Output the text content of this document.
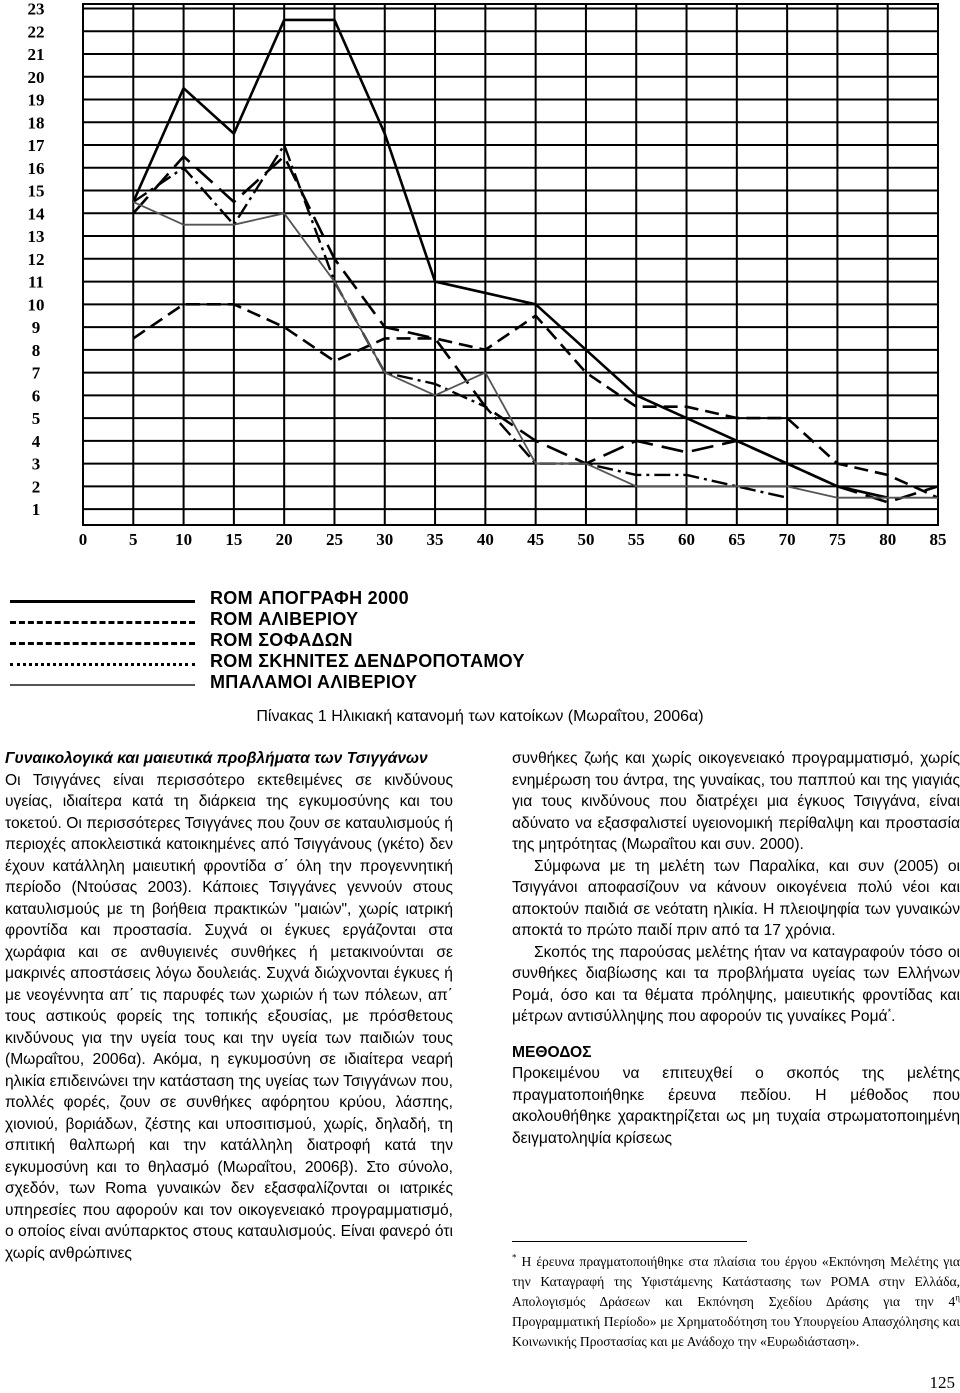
1
2
3
4
5
6
7
8
9
10
11
12
13
14
15
16
17
18
19
20
21
22
23
0 5 10 15 20 25 30 35 40 45 50 55 60 65 70 75 80 85
ROM ΑΠΟΓΡΑΦΗ 2000
ROM ΑΛΙΒΕΡΙΟΥ
ROM ΣΟΦΑΔΩΝ
ROM ΣΚΗΝΙΤΕΣ ΔΕΝΔΡΟΠΟΤΑΜΟΥ
ΜΠΑΛΑΜΟΙ ΑΛΙΒΕΡΙΟΥ
Πίνακας 1 Ηλικιακή κατανομή των κατοίκων (Μωραΐτου, 2006α)

Γυναικολογικά και μαιευτικά προβλήματα των Τσιγγάνων

Οι Τσιγγάνες είναι περισσότερο εκτεθειμένες σε κινδύνους υγείας, ιδιαίτερα κατά τη διάρκεια της εγκυμοσύνης και του τοκετού. Οι περισσότερες Τσιγγάνες που ζουν σε καταυλισμούς ή περιοχές αποκλειστικά κατοικημένες από Τσιγγάνους (γκέτο) δεν έχουν κατάλληλη μαιευτική φροντίδα σ΄ όλη την προγεννητική περίοδο (Ντούσας 2003). Κάποιες Τσιγγάνες γεννούν στους καταυλισμούς με τη βοήθεια πρακτικών "μαιών", χωρίς ιατρική φροντίδα και προστασία. Συχνά οι έγκυες εργάζονται στα χωράφια και σε ανθυγιεινές συνθήκες ή μετακινούνται σε μακρινές αποστάσεις λόγω δουλειάς. Συχνά διώχνονται έγκυες ή με νεογέννητα απ΄ τις παρυφές των χωριών ή των πόλεων, απ΄ τους αστικούς φορείς της τοπικής εξουσίας, με πρόσθετους κινδύνους για την υγεία τους και την υγεία των παιδιών τους (Μωραΐτου, 2006α). Ακόμα, η εγκυμοσύνη σε ιδιαίτερα νεαρή ηλικία επιδεινώνει την κατάσταση της υγείας των Τσιγγάνων που, πολλές φορές, ζουν σε συνθήκες αφόρητου κρύου, λάσπης, χιονιού, βοριάδων, ζέστης και υποσιτισμού, χωρίς, δηλαδή, τη σπιτική θαλπωρή και την κατάλληλη διατροφή κατά την εγκυμοσύνη και το θηλασμό (Μωραΐτου, 2006β). Στο σύνολο, σχεδόν, των Roma γυναικών δεν εξασφαλίζονται οι ιατρικές υπηρεσίες που αφορούν και τον οικογενειακό προγραμματισμό, ο οποίος είναι ανύπαρκτος στους καταυλισμούς. Είναι φανερό ότι χωρίς ανθρώπινες

συνθήκες ζωής και χωρίς οικογενειακό προγραμματισμό, χωρίς ενημέρωση του άντρα, της γυναίκας, του παππού και της γιαγιάς για τους κινδύνους που διατρέχει μια έγκυος Τσιγγάνα, είναι αδύνατο να εξασφαλιστεί υγειονομική περίθαλψη και προστασία της μητρότητας (Μωραΐτου και συν. 2000).

Σύμφωνα με τη μελέτη των Παραλίκα, και συν (2005) οι Τσιγγάνοι αποφασίζουν να κάνουν οικογένεια πολύ νέοι και αποκτούν παιδιά σε νεότατη ηλικία. Η πλειοψηφία των γυναικών αποκτά το πρώτο παιδί πριν από τα 17 χρόνια.

Σκοπός της παρούσας μελέτης ήταν να καταγραφούν τόσο οι συνθήκες διαβίωσης και τα προβλήματα υγείας των Ελλήνων Ρομά, όσο και τα θέματα πρόληψης, μαιευτικής φροντίδας και μέτρων αντισύλληψης που αφορούν τις γυναίκες Ρομά*.

ΜΕΘΟΔΟΣ

Προκειμένου να επιτευχθεί ο σκοπός της μελέτης πραγματοποιήθηκε έρευνα πεδίου. Η μέθοδος που ακολουθήθηκε χαρακτηρίζεται ως μη τυχαία στρωματοποιημένη δειγματοληψία κρίσεως

* Η έρευνα πραγματοποιήθηκε στα πλαίσια του έργου «Εκπόνηση Μελέτης για την Καταγραφή της Υφιστάμενης Κατάστασης των ΡΟΜΑ στην Ελλάδα, Απολογισμός Δράσεων και Εκπόνηση Σχεδίου Δράσης για την $4^\eta$ Προγραμματική Περίοδο» με Χρηματοδότηση του Υπουργείου Απασχόλησης και Κοινωνικής Προστασίας και με Ανάδοχο την «Ευρωδιάσταση».
125
